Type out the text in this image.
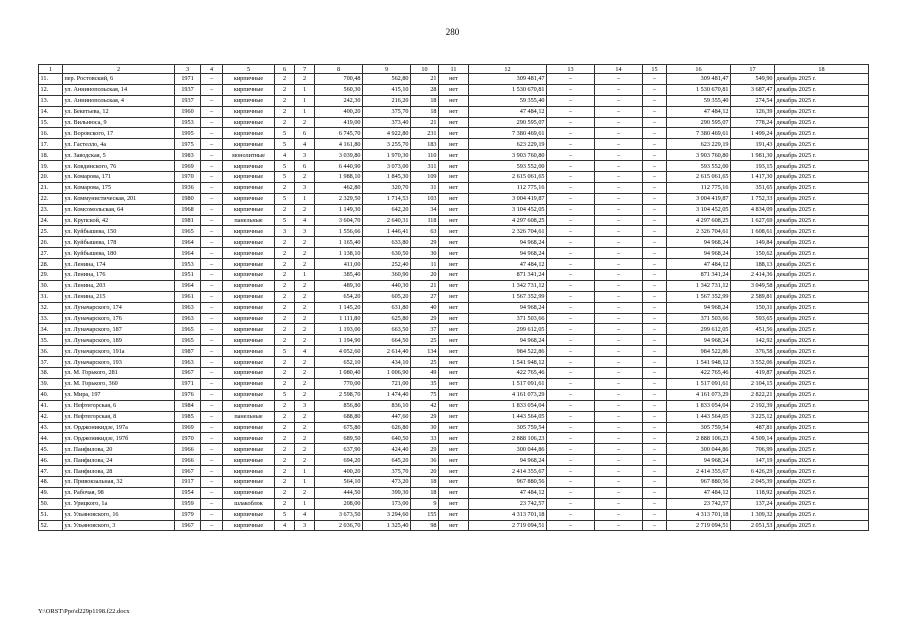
280
1	2	3	4	5	6	7	8	9	10	11	12	13	14	15	16	17	18
11.	пер. Ростовский, 6	1971	–	кирпичные	2	2	700,48	562,80	21	нет	309 481,47	–	–	–	309 481,47	549,90	декабрь 2025 г.
12.	ул. Аннинопольская, 14	1937	–	кирпичные	2	1	560,30	415,10	28	нет	1 530 670,81	–	–	–	1 530 670,81	3 687,47	декабрь 2025 г.
13.	ул. Аннинопольская, 4	1937	–	кирпичные	2	1	242,30	216,20	18	нет	59 355,40	–	–	–	59 355,40	274,54	декабрь 2025 г.
14.	ул. Бекетьева, 12	1960	–	кирпичные	2	1	400,20	375,70	18	нет	47 484,12	–	–	–	47 484,12	126,39	декабрь 2025 г.
15.	ул. Вильнюса, 9	1953	–	кирпичные	2	2	419,00	373,40	21	нет	290 595,07	–	–	–	290 595,07	778,24	декабрь 2025 г.
16.	ул. Воровского, 17	1995	–	кирпичные	5	6	6 745,70	4 922,80	231	нет	7 380 469,61	–	–	–	7 380 469,61	1 499,24	декабрь 2025 г.
17.	ул. Гастелло, 4а	1975	–	кирпичные	5	4	4 161,80	3 255,70	183	нет	623 229,19	–	–	–	623 229,19	191,43	декабрь 2025 г.
18.	ул. Заводская, 5	1983	–	монолитные	4	3	3 039,80	1 970,30	110	нет	3 903 760,80	–	–	–	3 903 760,80	1 981,30	декабрь 2025 г.
19.	ул. Ковдинского, 76	1969	–	кирпичные	5	6	6 440,90	3 073,00	311	нет	593 552,00	–	–	–	593 552,00	193,15	декабрь 2025 г.
20.	ул. Комарова, 171	1970	–	кирпичные	5	2	1 988,10	1 845,30	109	нет	2 615 061,65	–	–	–	2 615 061,65	1 417,30	декабрь 2025 г.
21.	ул. Комарова, 175	1936	–	кирпичные	2	3	462,80	320,70	31	нет	112 775,16	–	–	–	112 775,16	351,65	декабрь 2025 г.
22.	ул. Коммунистическая, 201	1980	–	кирпичные	5	1	2 329,50	1 714,53	103	нет	3 004 419,87	–	–	–	3 004 419,87	1 752,33	декабрь 2025 г.
23.	ул. Комсомольская, 64	1968	–	кирпичные	2	2	1 149,30	642,20	34	нет	3 104 452,05	–	–	–	3 104 452,05	4 834,09	декабрь 2025 г.
24.	ул. Крупской, 42	1981	–	панельные	5	4	3 604,70	2 640,31	118	нет	4 297 608,25	–	–	–	4 297 608,25	1 627,69	декабрь 2025 г.
25.	ул. Куйбышева, 150	1965	–	кирпичные	3	3	1 556,66	1 446,41	63	нет	2 326 704,61	–	–	–	2 326 704,61	1 608,61	декабрь 2025 г.
26.	ул. Куйбышева, 178	1964	–	кирпичные	2	2	1 165,40	633,80	29	нет	94 968,24	–	–	–	94 968,24	149,84	декабрь 2025 г.
27.	ул. Куйбышева, 180	1964	–	кирпичные	2	2	1 138,10	630,50	30	нет	94 968,24	–	–	–	94 968,24	150,62	декабрь 2025 г.
28.	ул. Ленина, 174	1953	–	кирпичные	2	2	411,00	252,40	11	нет	47 484,12	–	–	–	47 484,12	188,13	декабрь 2025 г.
29.	ул. Ленина, 176	1951	–	кирпичные	2	1	385,40	360,90	20	нет	871 341,24	–	–	–	871 341,24	2 414,36	декабрь 2025 г.
30.	ул. Ленина, 203	1964	–	кирпичные	2	2	489,30	440,30	21	нет	1 342 731,12	–	–	–	1 342 731,12	3 049,58	декабрь 2025 г.
31.	ул. Ленина, 215	1961	–	кирпичные	2	2	654,20	605,20	27	нет	1 567 352,99	–	–	–	1 567 352,99	2 589,81	декабрь 2025 г.
32.	ул. Луначарского, 174	1963	–	кирпичные	2	2	1 145,20	631,80	40	нет	94 968,24	–	–	–	94 968,24	150,31	декабрь 2025 г.
33.	ул. Луначарского, 176	1963	–	кирпичные	2	2	1 111,80	625,80	29	нет	371 503,66	–	–	–	371 503,66	593,65	декабрь 2025 г.
34.	ул. Луначарского, 187	1965	–	кирпичные	2	2	1 193,00	663,50	37	нет	299 612,05	–	–	–	299 612,05	451,56	декабрь 2025 г.
35.	ул. Луначарского, 189	1965	–	кирпичные	2	2	1 194,90	664,50	25	нет	94 968,24	–	–	–	94 968,24	142,92	декабрь 2025 г.
36.	ул. Луначарского, 191а	1987	–	кирпичные	5	4	4 052,60	2 614,40	134	нет	984 522,86	–	–	–	984 522,86	376,58	декабрь 2025 г.
37.	ул. Луначарского, 193	1963	–	кирпичные	2	2	652,10	434,10	25	нет	1 541 948,12	–	–	–	1 541 948,12	3 552,06	декабрь 2025 г.
38.	ул. М. Горького, 281	1967	–	кирпичные	2	2	1 080,40	1 006,90	49	нет	422 765,46	–	–	–	422 765,46	419,87	декабрь 2025 г.
39.	ул. М. Горького, 360	1971	–	кирпичные	2	2	770,00	721,00	35	нет	1 517 091,61	–	–	–	1 517 091,61	2 104,15	декабрь 2025 г.
40.	ул. Мира, 197	1976	–	кирпичные	5	2	2 598,70	1 474,40	75	нет	4 161 073,29	–	–	–	4 161 073,29	2 822,21	декабрь 2025 г.
41.	ул. Нефтегорская, 6	1984	–	кирпичные	2	3	856,80	836,10	42	нет	1 833 054,04	–	–	–	1 833 054,04	2 192,39	декабрь 2025 г.
42.	ул. Нефтегорская, 8	1985	–	панельные	2	2	688,80	447,60	29	нет	1 443 564,05	–	–	–	1 443 564,05	3 225,12	декабрь 2025 г.
43.	ул. Орджоникидзе, 197а	1969	–	кирпичные	2	2	675,80	626,80	30	нет	305 759,54	–	–	–	305 759,54	487,81	декабрь 2025 г.
44.	ул. Орджоникидзе, 197б	1970	–	кирпичные	2	2	689,50	640,50	33	нет	2 888 106,23	–	–	–	2 888 106,23	4 509,14	декабрь 2025 г.
45.	ул. Панфилова, 20	1966	–	кирпичные	2	2	637,90	424,40	29	нет	300 044,86	–	–	–	300 044,86	706,99	декабрь 2025 г.
46.	ул. Панфилова, 24	1966	–	кирпичные	2	2	694,20	645,20	36	нет	94 968,24	–	–	–	94 968,24	147,19	декабрь 2025 г.
47.	ул. Панфилова, 28	1967	–	кирпичные	2	1	400,20	375,70	20	нет	2 414 355,67	–	–	–	2 414 355,67	6 426,29	декабрь 2025 г.
48.	ул. Привокзальная, 32	1917	–	кирпичные	2	1	564,10	473,20	18	нет	967 880,56	–	–	–	967 880,56	2 045,39	декабрь 2025 г.
49.	ул. Рабочая, 98	1954	–	кирпичные	2	2	444,50	399,30	18	нет	47 484,12	–	–	–	47 484,12	118,92	декабрь 2025 г.
50.	ул. Урицкого, 1а	1959	–	шлакоблок	2	1	208,00	173,00	9	нет	23 742,57	–	–	–	23 742,57	137,24	декабрь 2025 г.
51.	ул. Ульяновского, 16	1979	–	кирпичные	5	4	3 673,50	3 294,60	155	нет	4 313 701,18	–	–	–	4 313 701,18	1 309,32	декабрь 2025 г.
52.	ул. Ульяновского, 3	1967	–	кирпичные	4	3	2 036,70	1 325,40	98	нет	2 719 094,51	–	–	–	2 719 094,51	2 051,53	декабрь 2025 г.
Y:\ORST\Ppo\d229p1198.f22.docx
